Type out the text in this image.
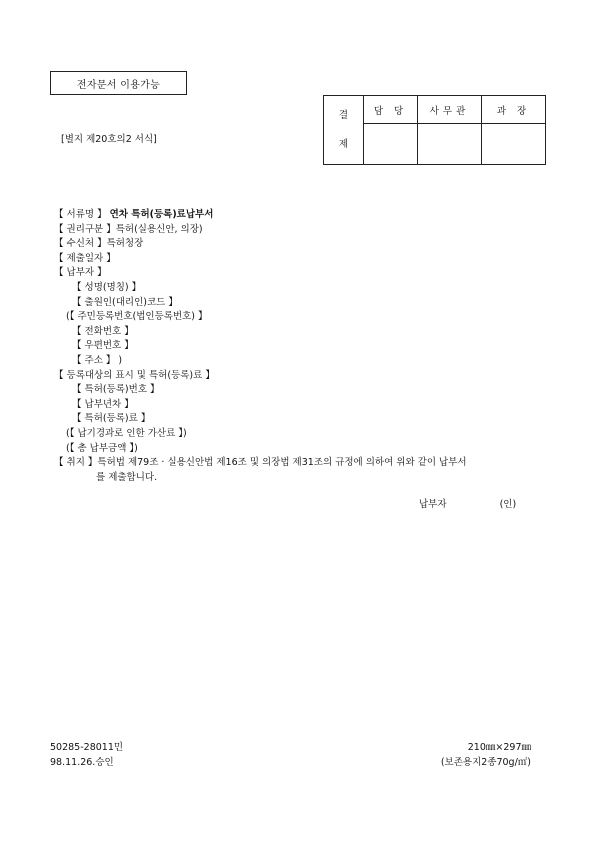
전자문서 이용가능
[별지 제20호의2 서식]
결
제	담 당	사무관	과 장

【 서류명 】 연차 특허(등록)료납부서
【 권리구분 】특허(실용신안, 의장)
【 수신처 】특허청장
【 제출일자 】
【 납부자 】
【 성명(명칭) 】
【 출원인(대리인)코드 】
(【 주민등록번호(법인등록번호) 】
【 전화번호 】
【 우편번호 】
【 주소 】 )
【 등록대상의 표시 및 특허(등록)료 】
【 특허(등록)번호 】
【 납부년차 】
【 특허(등록)료 】
(【 납기경과로 인한 가산료 】)
(【 총 납부금액 】)
【 취지 】특허법 제79조 · 실용신안법 제16조 및 의장법 제31조의 규정에 의하여 위와 같이 납부서
를 제출합니다.
납부자	(인)
50285-28011민
98.11.26.승인
210㎜×297㎜
(보존용지2종70g/㎡)
